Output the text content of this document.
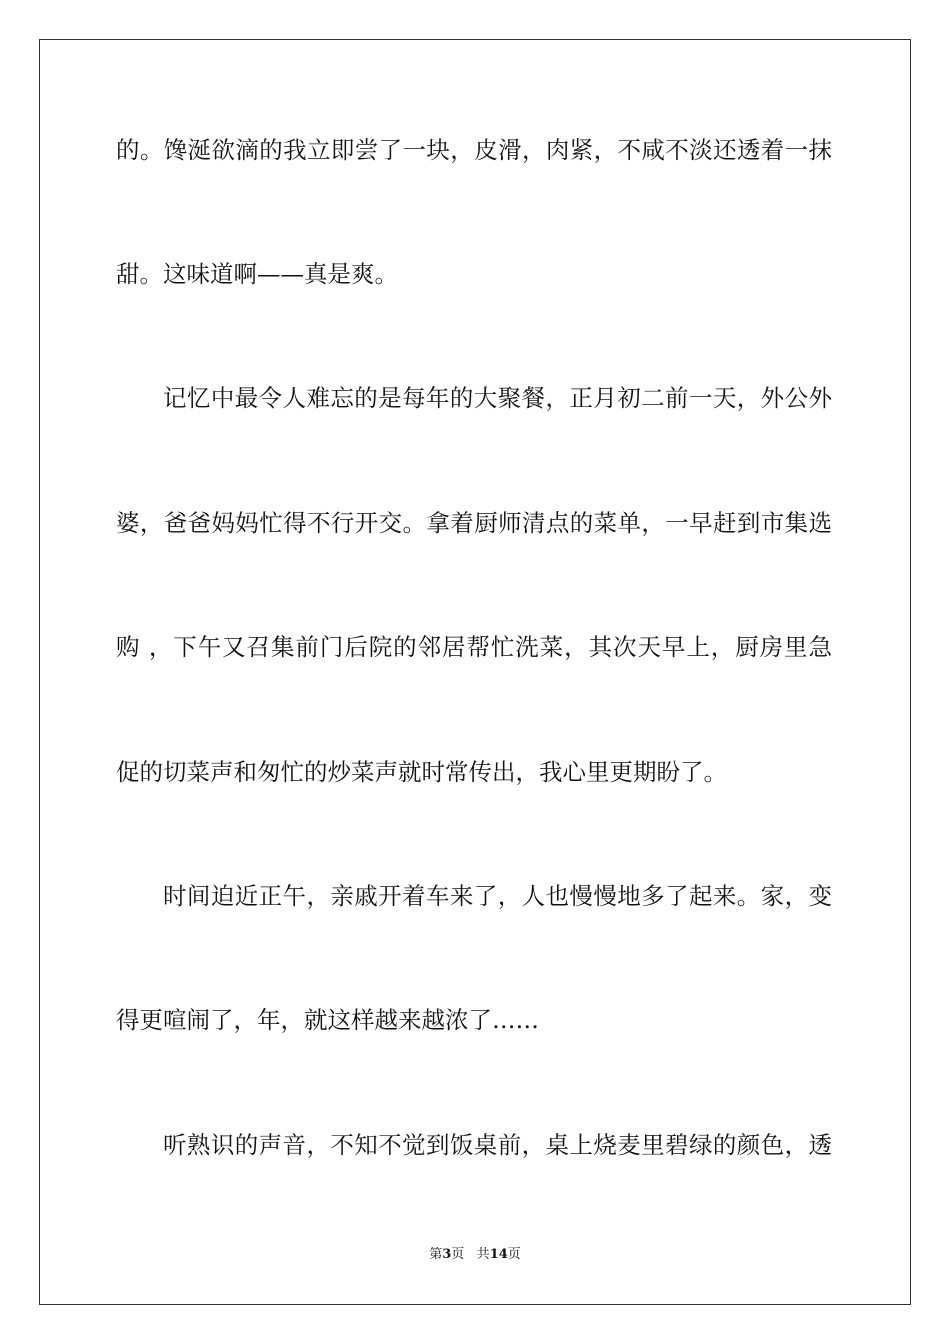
的。馋涎欲滴的我立即尝了一块，皮滑，肉紧，不咸不淡还透着一抹

甜。这味道啊——真是爽。

记忆中最令人难忘的是每年的大聚餐，正月初二前一天，外公外

婆，爸爸妈妈忙得不行开交。拿着厨师清点的菜单，一早赶到市集选

购 ，下午又召集前门后院的邻居帮忙洗菜，其次天早上，厨房里急

促的切菜声和匆忙的炒菜声就时常传出，我心里更期盼了。

时间迫近正午，亲戚开着车来了，人也慢慢地多了起来。家，变

得更喧闹了，年，就这样越来越浓了……

听熟识的声音，不知不觉到饭桌前，桌上烧麦里碧绿的颜色，透

第3页 共14页
